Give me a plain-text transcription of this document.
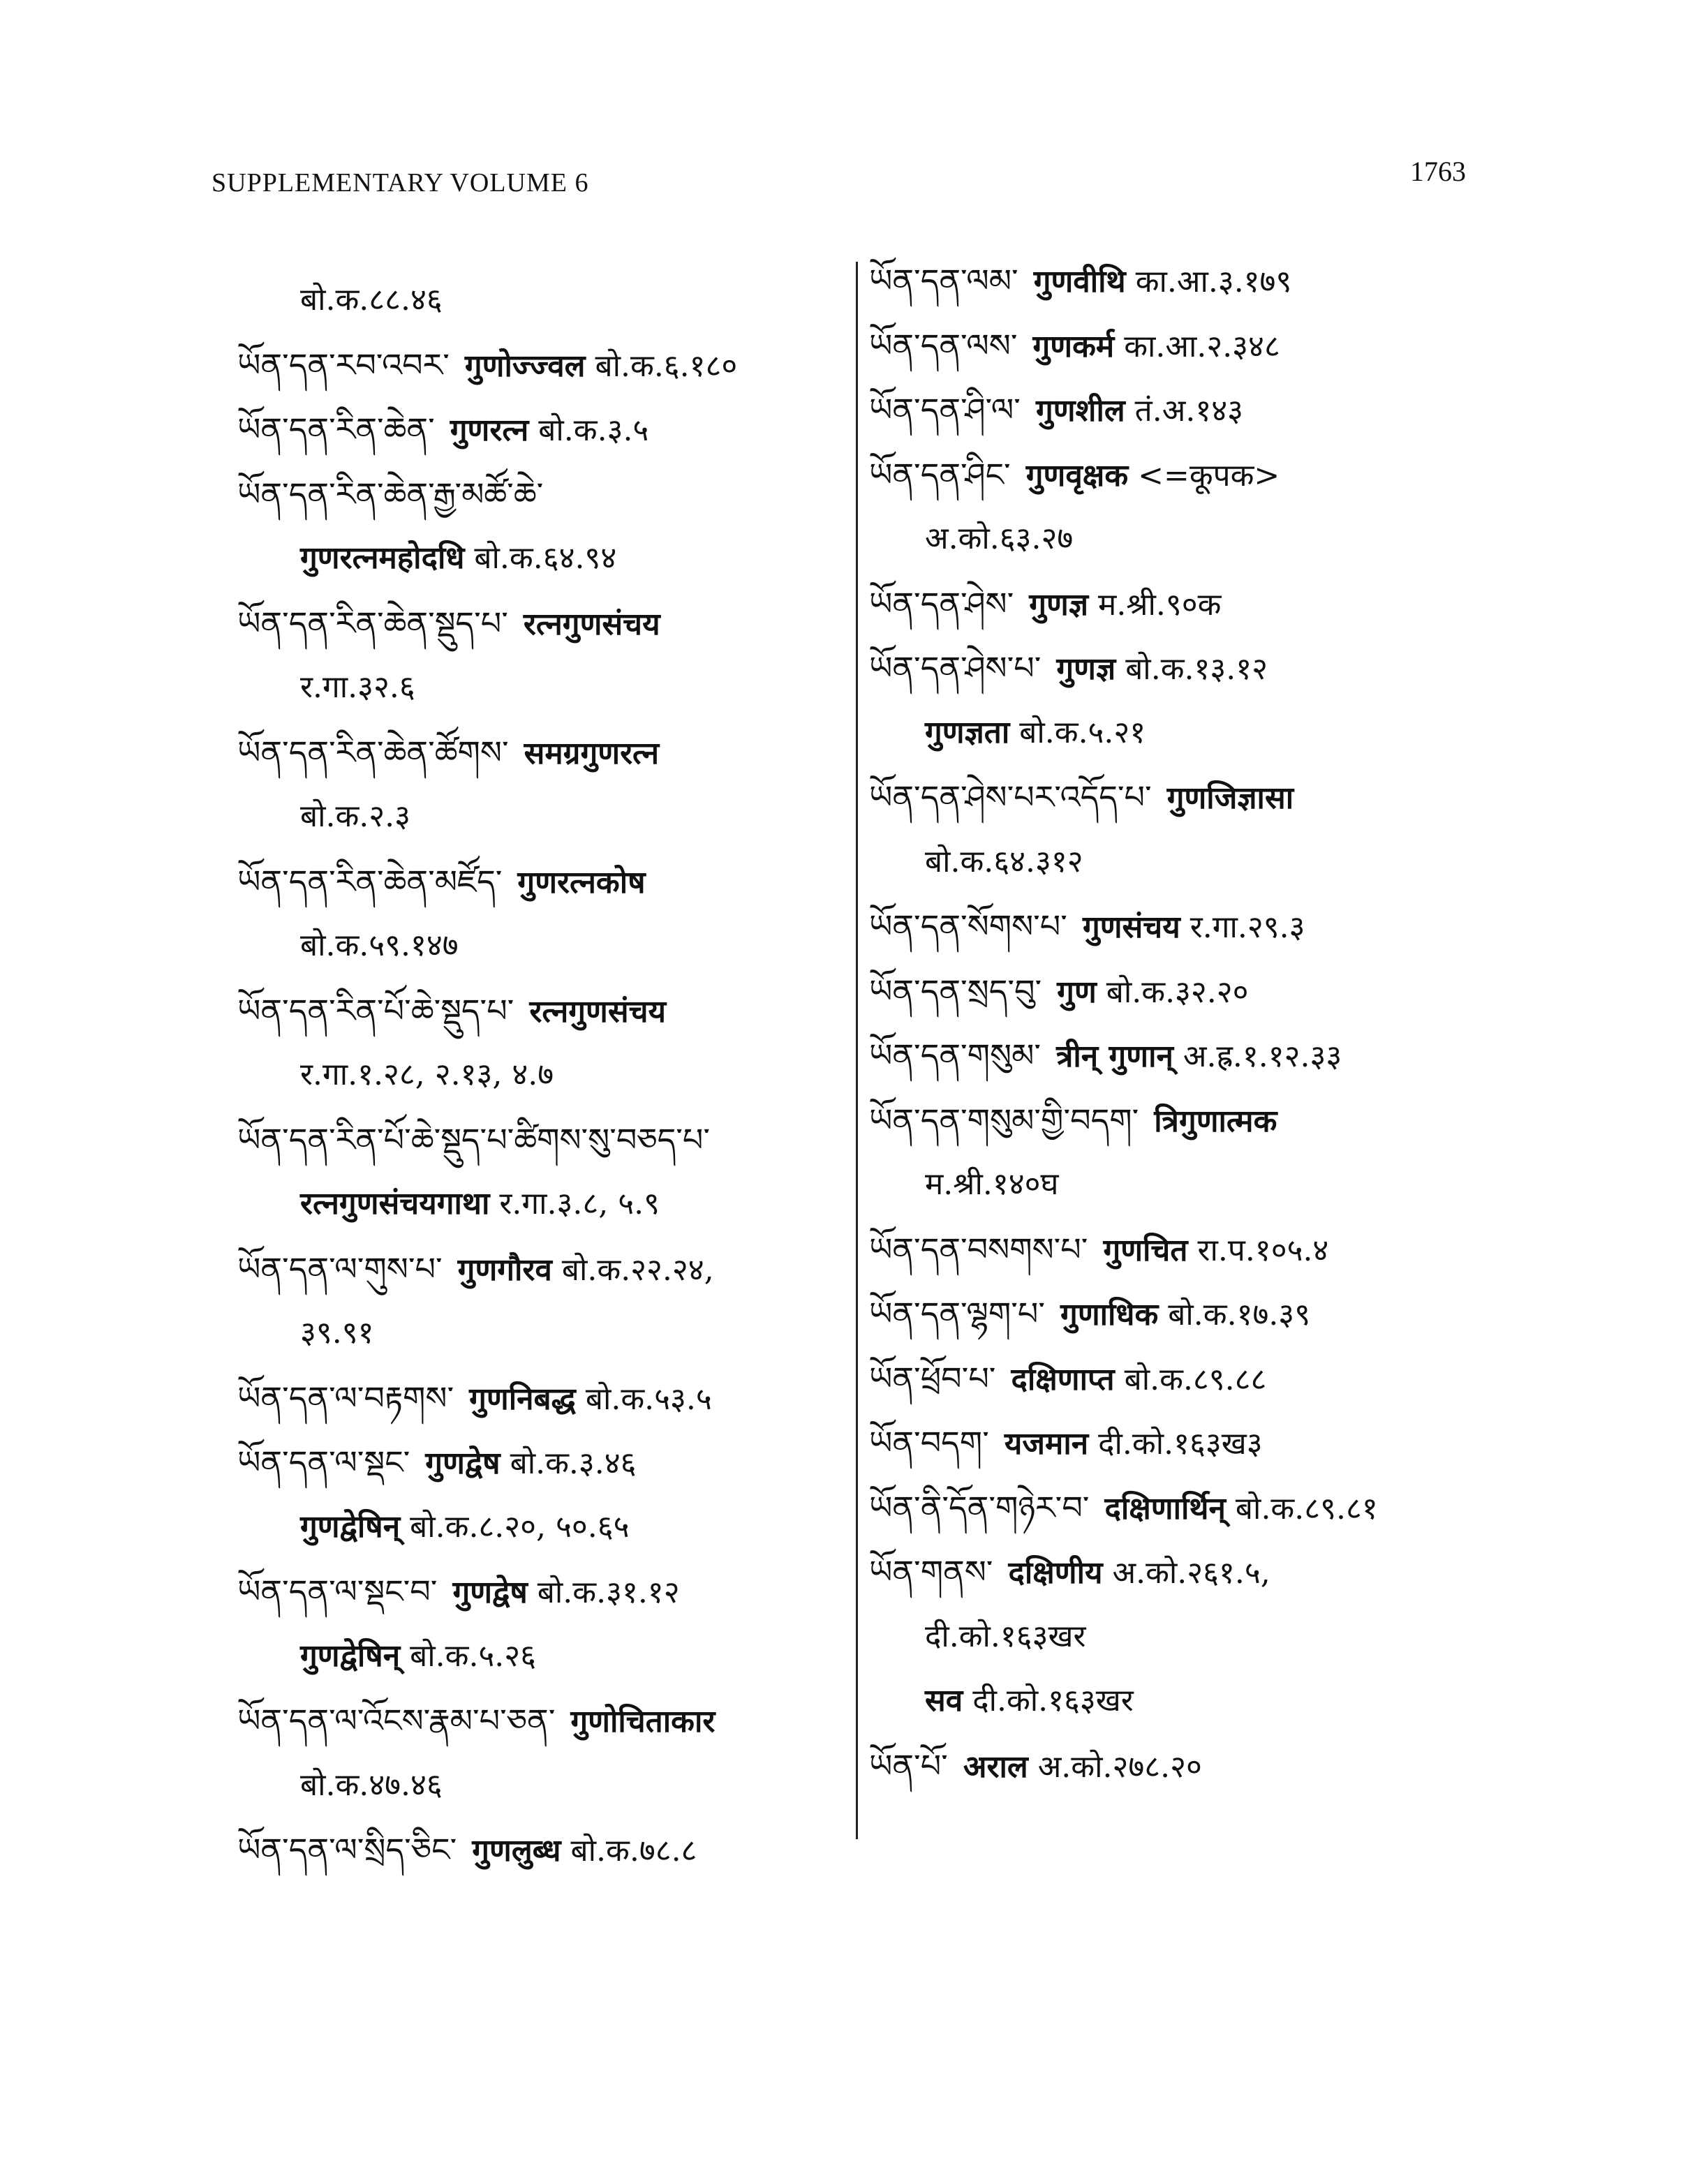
SUPPLEMENTARY VOLUME 6	1763
बो.क.८८.४६
ཡོན་དན་རབ་འབར་ गुणोज्ज्वल बो.क.६.१८०
ཡོན་དན་རིན་ཆེན་ गुणरत्न बो.क.३.५
ཡོན་དན་རིན་ཆེན་རྒྱ་མཚོ་ཆེ་
गुणरत्नमहोदधि बो.क.६४.९४
ཡོན་དན་རིན་ཆེན་སྡུད་པ་ रत्नगुणसंचय
र.गा.३२.६
ཡོན་དན་རིན་ཆེན་ཚོགས་ समग्रगुणरत्न
बो.क.२.३
ཡོན་དན་རིན་ཆེན་མཛོད་ गुणरत्नकोष
बो.क.५९.१४७
ཡོན་དན་རིན་པོ་ཆེ་སྡུད་པ་ रत्नगुणसंचय
र.गा.१.२८, २.१३, ४.७
ཡོན་དན་རིན་པོ་ཆེ་སྡུད་པ་ཚིགས་སུ་བཅད་པ་
रत्नगुणसंचयगाथा र.गा.३.८, ५.९
ཡོན་དན་ལ་གུས་པ་ गुणगौरव बो.क.२२.२४,
३९.९१
ཡོན་དན་ལ་བརྟགས་ गुणनिबद्ध बो.क.५३.५
ཡོན་དན་ལ་སྡང་ गुणद्वेष बो.क.३.४६
गुणद्वेषिन् बो.क.८.२०, ५०.६५
ཡོན་དན་ལ་སྡང་བ་ गुणद्वेष बो.क.३१.१२
गुणद्वेषिन् बो.क.५.२६
ཡོན་དན་ལ་འོངས་རྣམ་པ་ཅན་ गुणोचिताकार
बो.क.४७.४६
ཡོན་དན་ལ་སྲིད་ཅིང་ गुणलुब्ध बो.क.७८.८
ཡོན་དན་ལམ་ गुणवीथि का.आ.३.१७९
ཡོན་དན་ལས་ गुणकर्म का.आ.२.३४८
ཡོན་དན་ཤི་ལ་ गुणशील तं.अ.१४३
ཡོན་དན་ཤིང་ गुणवृक्षक <=कूपक>
अ.को.६३.२७
ཡོན་དན་ཤེས་ गुणज्ञ म.श्री.९०क
ཡོན་དན་ཤེས་པ་ गुणज्ञ बो.क.१३.१२
गुणज्ञता बो.क.५.२१
ཡོན་དན་ཤེས་པར་འདོད་པ་ गुणजिज्ञासा
बो.क.६४.३१२
ཡོན་དན་སོགས་པ་ गुणसंचय र.गा.२९.३
ཡོན་དན་སྲད་བུ་ गुण बो.क.३२.२०
ཡོན་དན་གསུམ་ त्रीन् गुणान् अ.ह्र.१.१२.३३
ཡོན་དན་གསུམ་གྱི་བདག་ त्रिगुणात्मक
म.श्री.१४०घ
ཡོན་དན་བསགས་པ་ गुणचित रा.प.१०५.४
ཡོན་དན་ལྷག་པ་ गुणाधिक बो.क.१७.३९
ཡོན་ཕྲོབ་པ་ दक्षिणाप्त बो.क.८९.८८
ཡོན་བདག་ यजमान दी.को.१६३ख३
ཡོན་ནི་དོན་གཉེར་བ་ दक्षिणार्थिन् बो.क.८९.८१
ཡོན་གནས་ दक्षिणीय अ.को.२६१.५,
दी.को.१६३खर
सव दी.को.१६३खर
ཡོན་པོ་ अराल अ.को.२७८.२०
